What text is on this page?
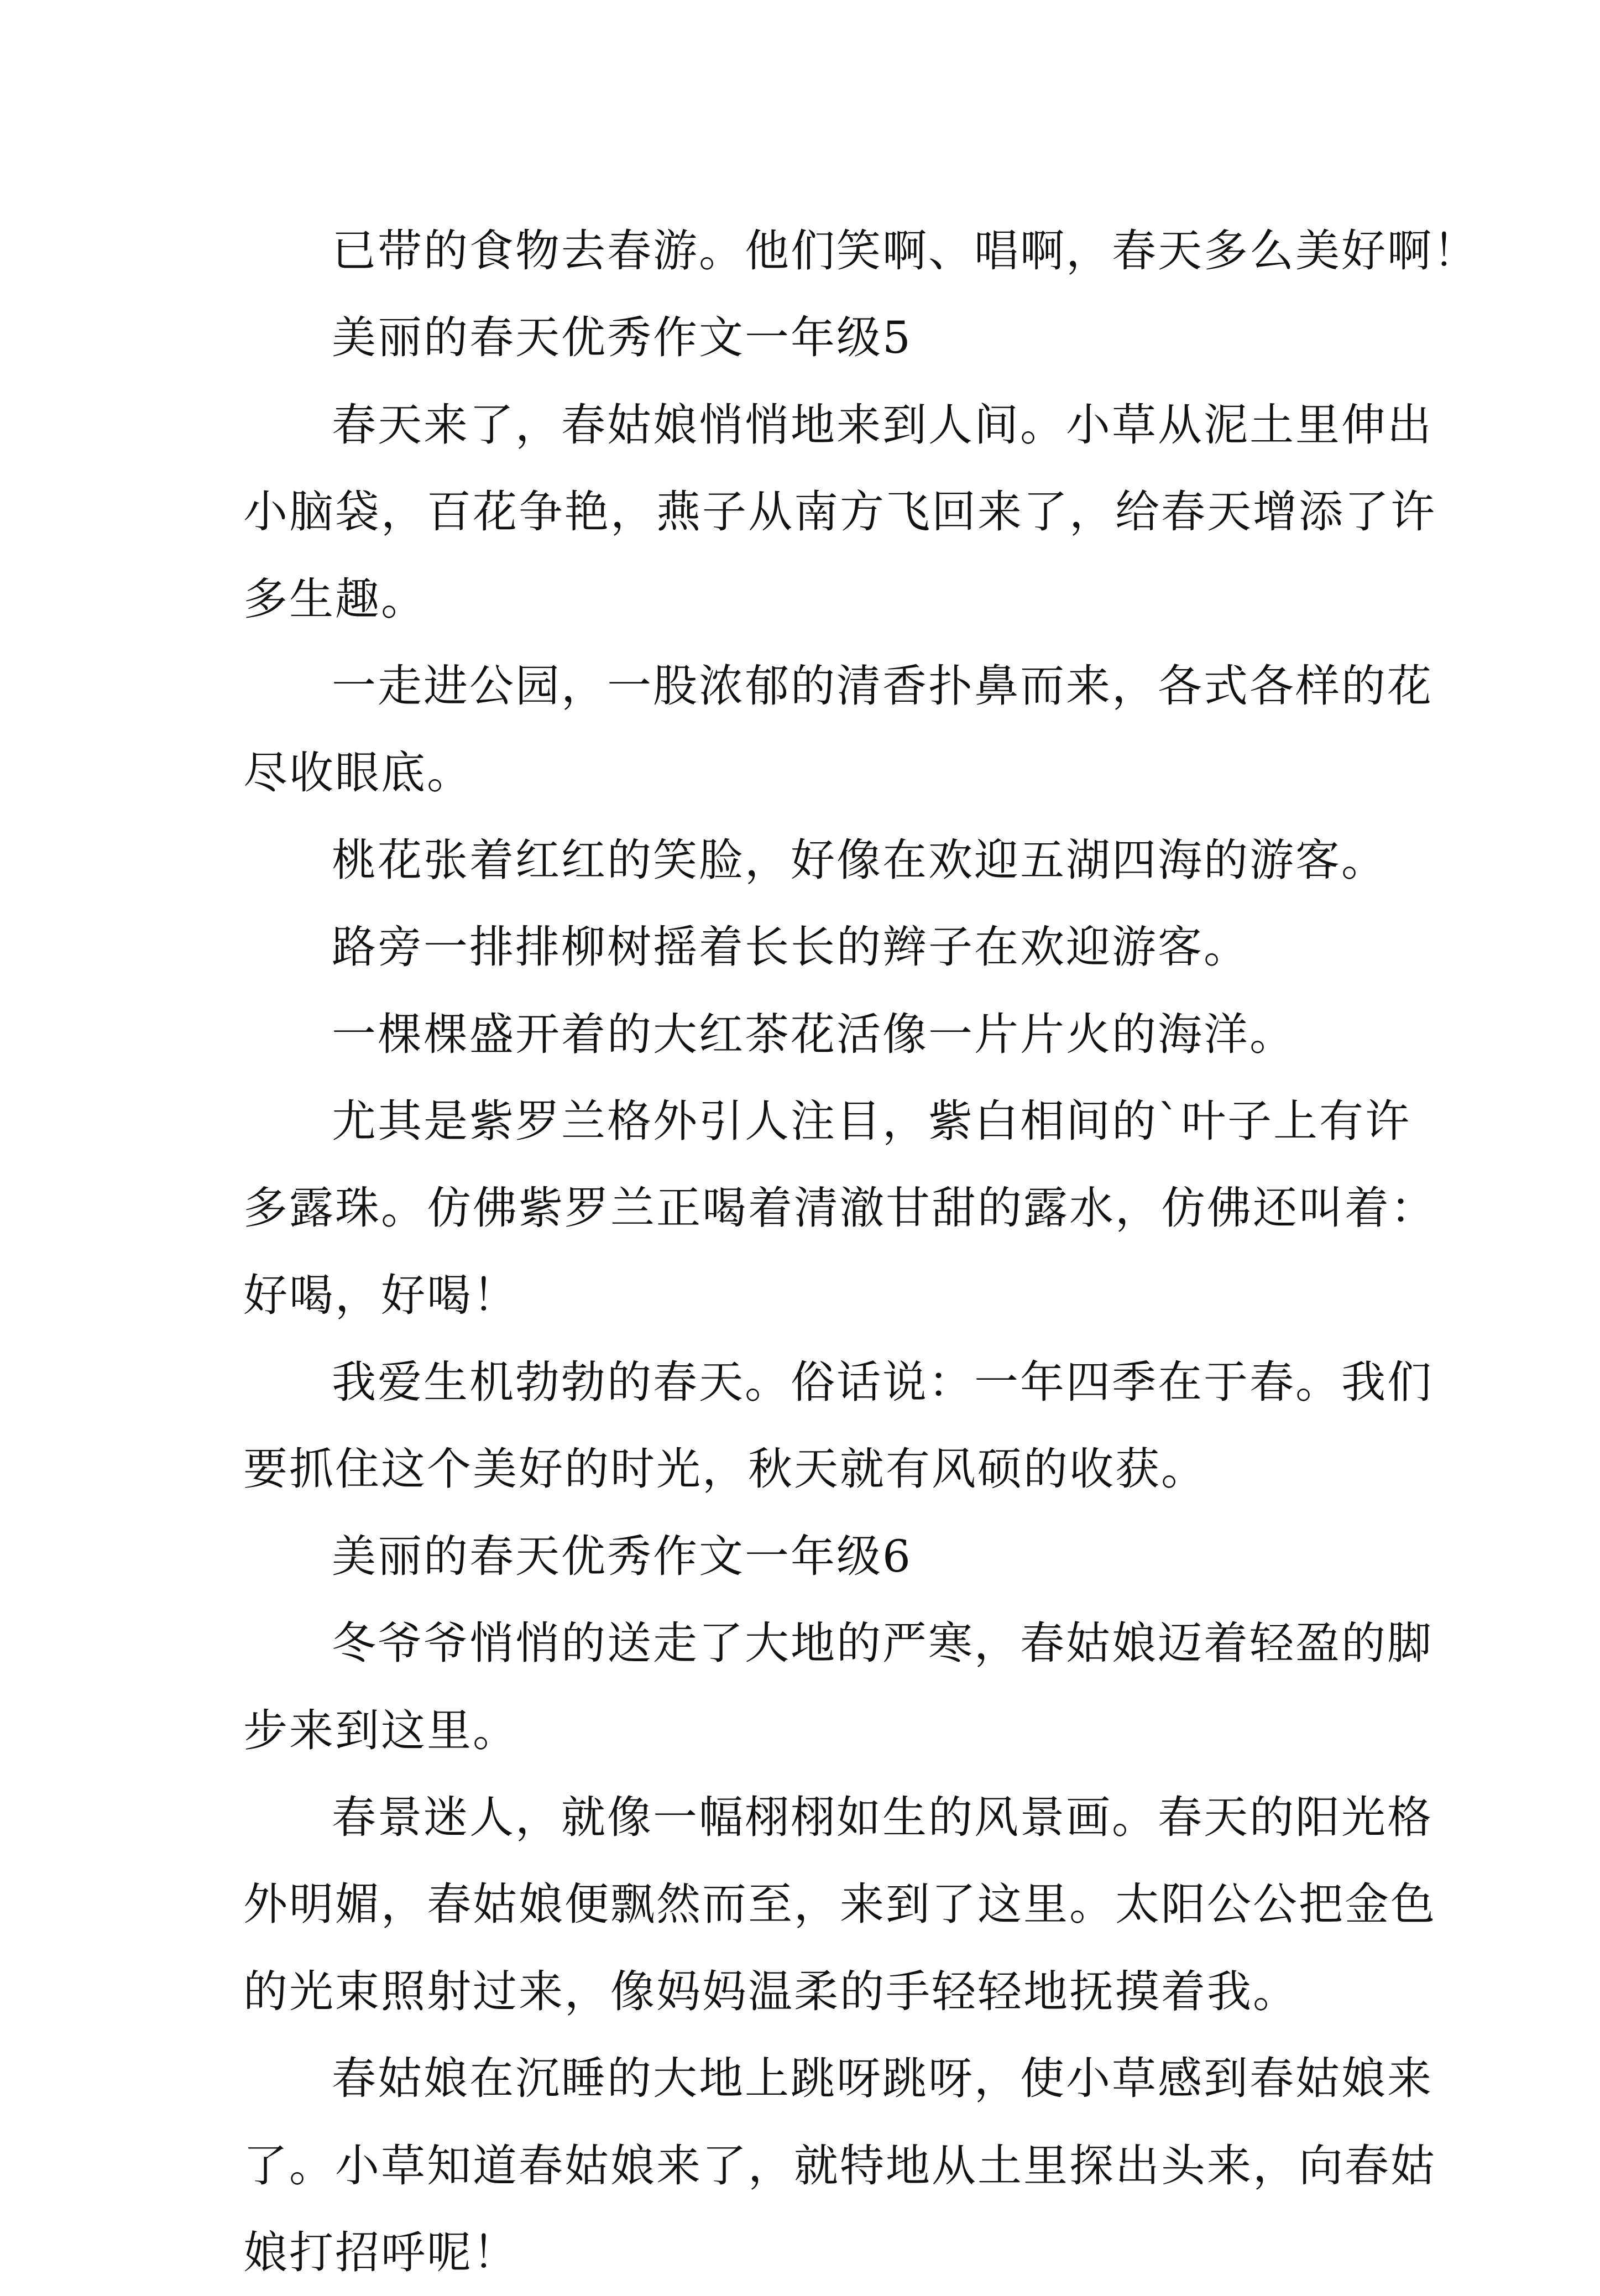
已带的食物去春游。他们笑啊、唱啊，春天多么美好啊！
美丽的春天优秀作文一年级5
春天来了，春姑娘悄悄地来到人间。小草从泥土里伸出
小脑袋，百花争艳，燕子从南方飞回来了，给春天增添了许
多生趣。
一走进公园，一股浓郁的清香扑鼻而来，各式各样的花
尽收眼底。
桃花张着红红的笑脸，好像在欢迎五湖四海的游客。
路旁一排排柳树摇着长长的辫子在欢迎游客。
一棵棵盛开着的大红茶花活像一片片火的海洋。
尤其是紫罗兰格外引人注目，紫白相间的`叶子上有许
多露珠。仿佛紫罗兰正喝着清澈甘甜的露水，仿佛还叫着：
好喝，好喝！
我爱生机勃勃的春天。俗话说：一年四季在于春。我们
要抓住这个美好的时光，秋天就有风硕的收获。
美丽的春天优秀作文一年级6
冬爷爷悄悄的送走了大地的严寒，春姑娘迈着轻盈的脚
步来到这里。
春景迷人，就像一幅栩栩如生的风景画。春天的阳光格
外明媚，春姑娘便飘然而至，来到了这里。太阳公公把金色
的光束照射过来，像妈妈温柔的手轻轻地抚摸着我。
春姑娘在沉睡的大地上跳呀跳呀，使小草感到春姑娘来
了。小草知道春姑娘来了，就特地从土里探出头来，向春姑
娘打招呼呢！
